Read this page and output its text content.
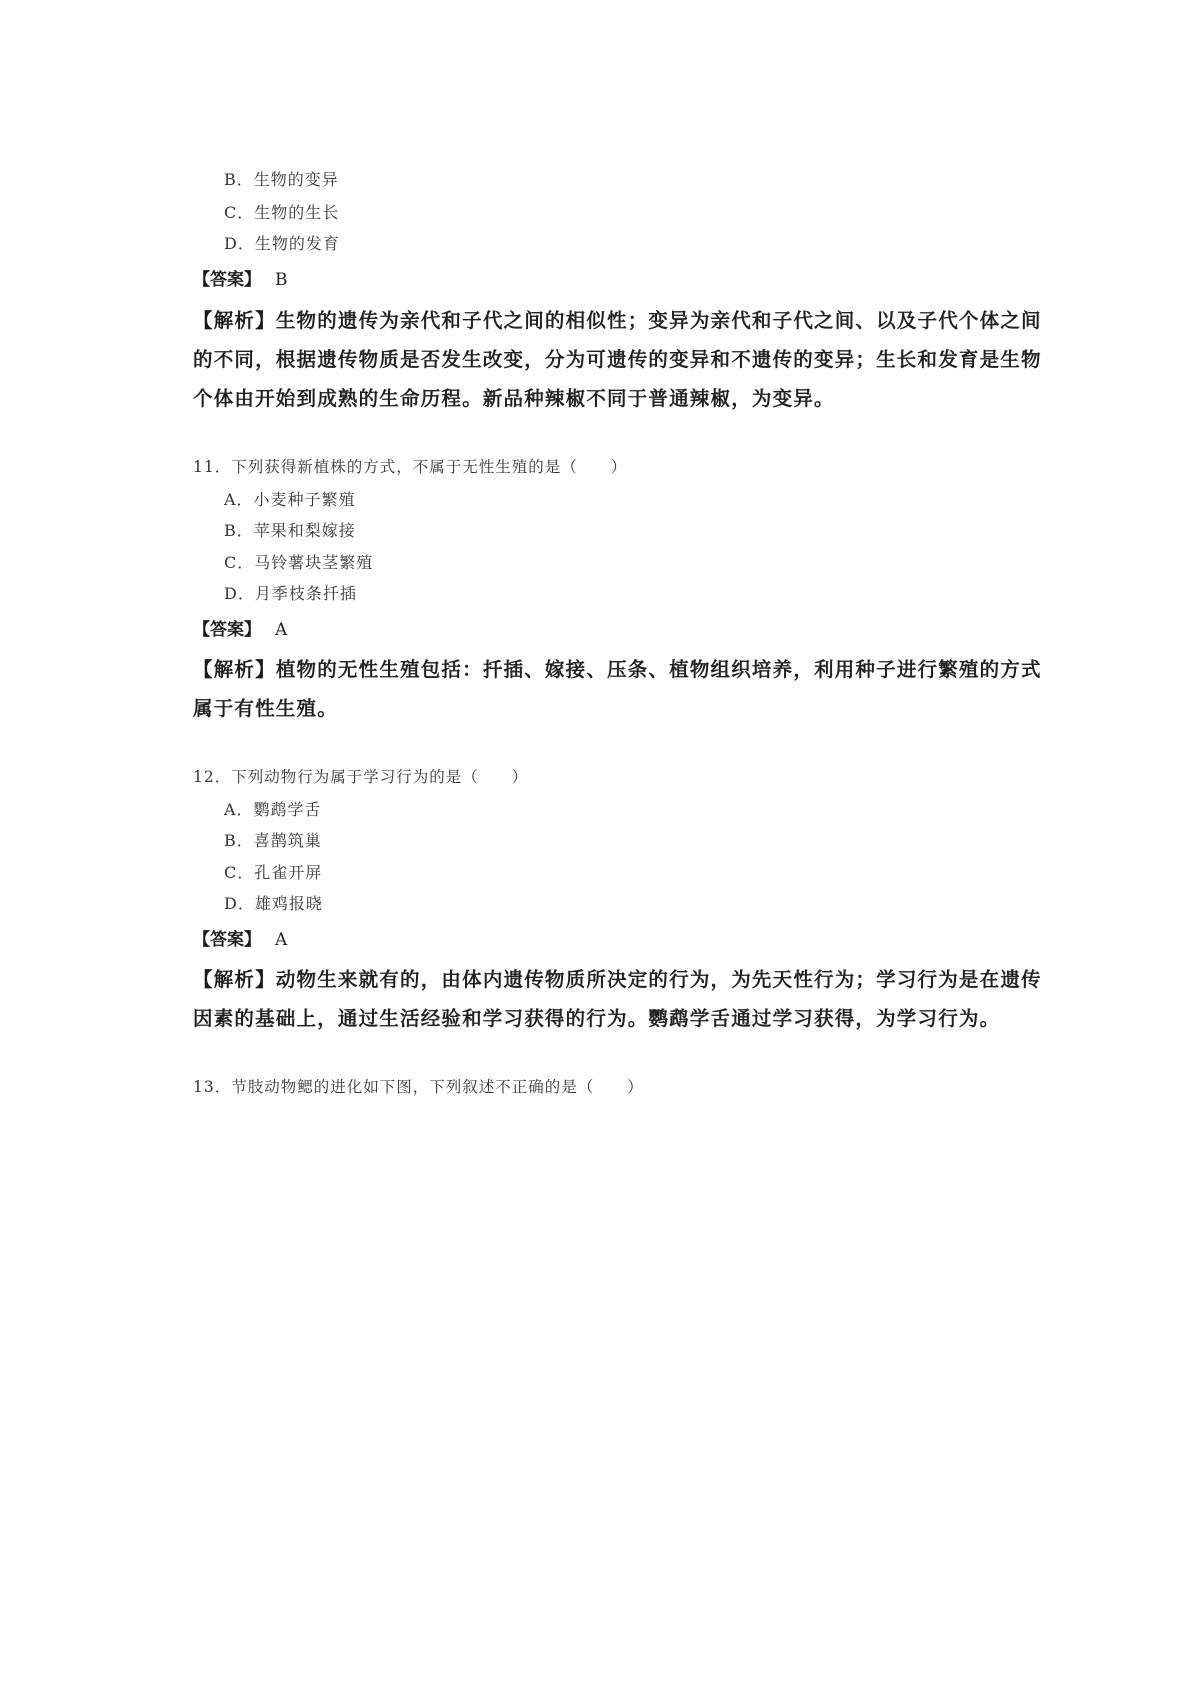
B．生物的变异
C．生物的生长
D．生物的发育
【答案】 B
【解析】生物的遗传为亲代和子代之间的相似性；变异为亲代和子代之间、以及子代个体之间
的不同，根据遗传物质是否发生改变，分为可遗传的变异和不遗传的变异；生长和发育是生物
个体由开始到成熟的生命历程。新品种辣椒不同于普通辣椒，为变异。
11．下列获得新植株的方式，不属于无性生殖的是（　　）
A．小麦种子繁殖
B．苹果和梨嫁接
C．马铃薯块茎繁殖
D．月季枝条扦插
【答案】 A
【解析】植物的无性生殖包括：扦插、嫁接、压条、植物组织培养，利用种子进行繁殖的方式
属于有性生殖。
12．下列动物行为属于学习行为的是（　　）
A．鹦鹉学舌
B．喜鹊筑巢
C．孔雀开屏
D．雄鸡报晓
【答案】 A
【解析】动物生来就有的，由体内遗传物质所决定的行为，为先天性行为；学习行为是在遗传
因素的基础上，通过生活经验和学习获得的行为。鹦鹉学舌通过学习获得，为学习行为。
13．节肢动物鳃的进化如下图，下列叙述不正确的是（　　）
